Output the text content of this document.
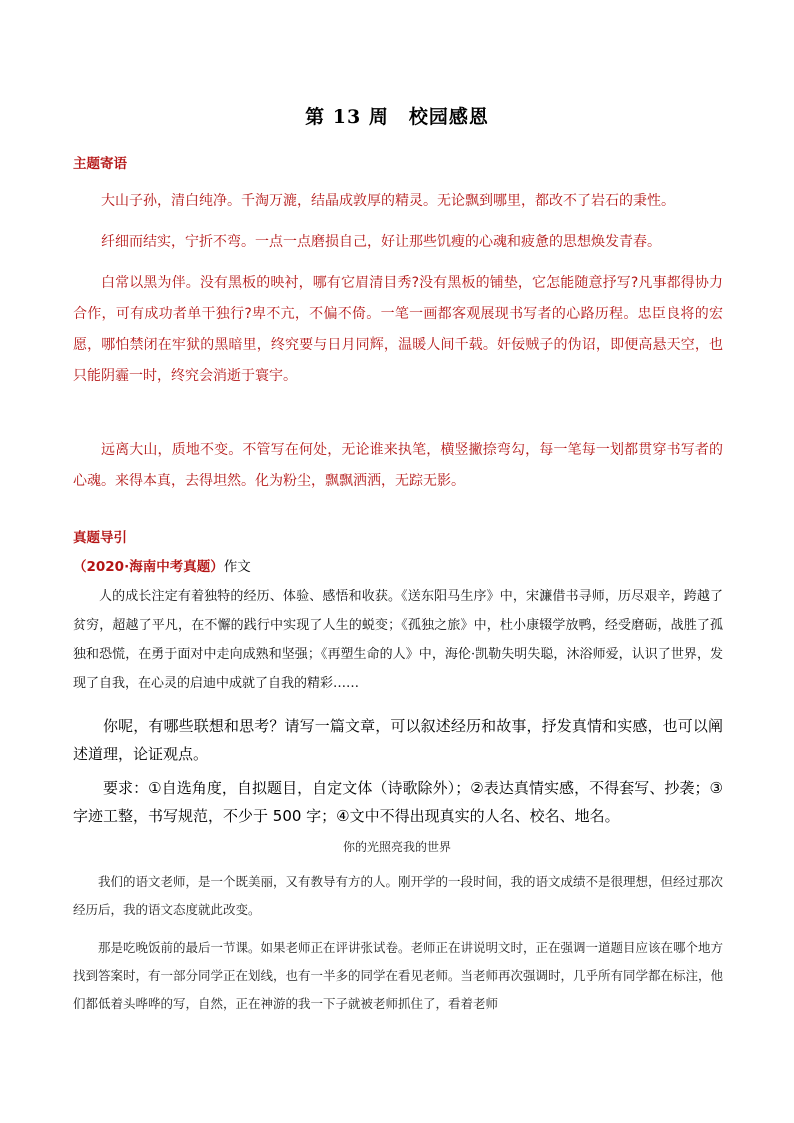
第 13 周　校园感恩
主题寄语

大山子孙，清白纯净。千淘万漉，结晶成敦厚的精灵。无论飘到哪里，都改不了岩石的秉性。

纤细而结实，宁折不弯。一点一点磨损自己，好让那些饥瘦的心魂和疲惫的思想焕发青春。

白常以黑为伴。没有黑板的映衬，哪有它眉清目秀?没有黑板的铺垫，它怎能随意抒写?凡事都得协力合作，可有成功者单干独行?卑不亢，不偏不倚。一笔一画都客观展现书写者的心路历程。忠臣良将的宏愿，哪怕禁闭在牢狱的黑暗里，终究要与日月同辉，温暖人间千载。奸佞贼子的伪诏，即便高悬天空，也只能阴霾一时，终究会消逝于寰宇。

远离大山，质地不变。不管写在何处，无论谁来执笔，横竖撇捺弯勾，每一笔每一划都贯穿书写者的心魂。来得本真，去得坦然。化为粉尘，飘飘洒洒，无踪无影。

真题导引
（2020·海南中考真题）作文

人的成长注定有着独特的经历、体验、感悟和收获。《送东阳马生序》中，宋濂借书寻师，历尽艰辛，跨越了贫穷，超越了平凡，在不懈的践行中实现了人生的蜕变；《孤独之旅》中，杜小康辍学放鸭，经受磨砺，战胜了孤独和恐慌，在勇于面对中走向成熟和坚强；《再塑生命的人》中，海伦·凯勒失明失聪，沐浴师爱，认识了世界，发现了自我，在心灵的启迪中成就了自我的精彩……

你呢，有哪些联想和思考？请写一篇文章，可以叙述经历和故事，抒发真情和实感，也可以阐述道理，论证观点。

要求：①自选角度，自拟题目，自定文体（诗歌除外）；②表达真情实感，不得套写、抄袭；③字迹工整，书写规范，不少于 500 字；④文中不得出现真实的人名、校名、地名。

你的光照亮我的世界

我们的语文老师，是一个既美丽，又有教导有方的人。刚开学的一段时间，我的语文成绩不是很理想，但经过那次经历后，我的语文态度就此改变。

那是吃晚饭前的最后一节课。如果老师正在评讲张试卷。老师正在讲说明文时，正在强调一道题目应该在哪个地方找到答案时，有一部分同学正在划线，也有一半多的同学在看见老师。当老师再次强调时，几乎所有同学都在标注，他们都低着头哗哗的写，自然，正在神游的我一下子就被老师抓住了，看着老师
